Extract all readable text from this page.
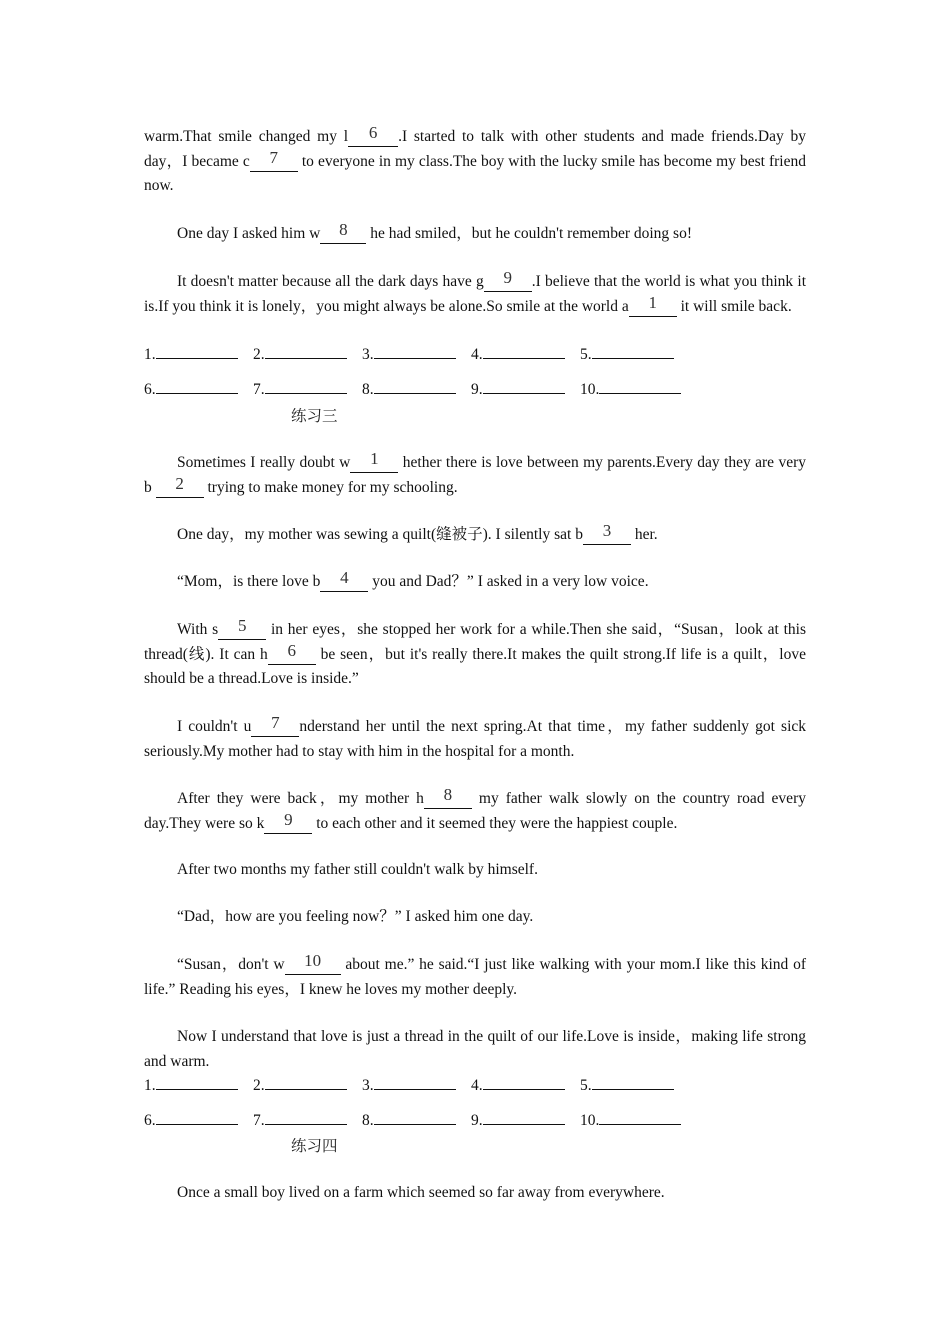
warm.That smile changed my l 6 .I started to talk with other students and made friends.Day by day，I became c 7 to everyone in my class.The boy with the lucky smile has become my best friend now.

One day I asked him w 8 he had smiled，but he couldn't remember doing so!

It doesn't matter because all the dark days have g 9 .I believe that the world is what you think it is.If you think it is lonely，you might always be alone.So smile at the world a 1 it will smile back.

1.	2.	3.	4.	5.
6.	7.	8.	9.	10.
练习三

Sometimes I really doubt w 1 hether there is love between my parents.Every day they are very b 2 trying to make money for my schooling.

One day，my mother was sewing a quilt(缝被子). I silently sat b 3 her.

“Mom，is there love b 4 you and Dad？” I asked in a very low voice.

With s 5 in her eyes，she stopped her work for a while.Then she said，“Susan，look at this thread(线). It can h 6 be seen，but it's really there.It makes the quilt strong.If life is a quilt，love should be a thread.Love is inside.”

I couldn't u 7 nderstand her until the next spring.At that time，my father suddenly got sick seriously.My mother had to stay with him in the hospital for a month.

After they were back，my mother h 8 my father walk slowly on the country road every day.They were so k 9 to each other and it seemed they were the happiest couple.

After two months my father still couldn't walk by himself.

“Dad，how are you feeling now？” I asked him one day.

“Susan，don't w 10 about me.” he said.“I just like walking with your mom.I like this kind of life.” Reading his eyes，I knew he loves my mother deeply.

Now I understand that love is just a thread in the quilt of our life.Love is inside，making life strong and warm.

1.	2.	3.	4.	5.
6.	7.	8.	9.	10.
练习四

Once a small boy lived on a farm which seemed so far away from everywhere.
